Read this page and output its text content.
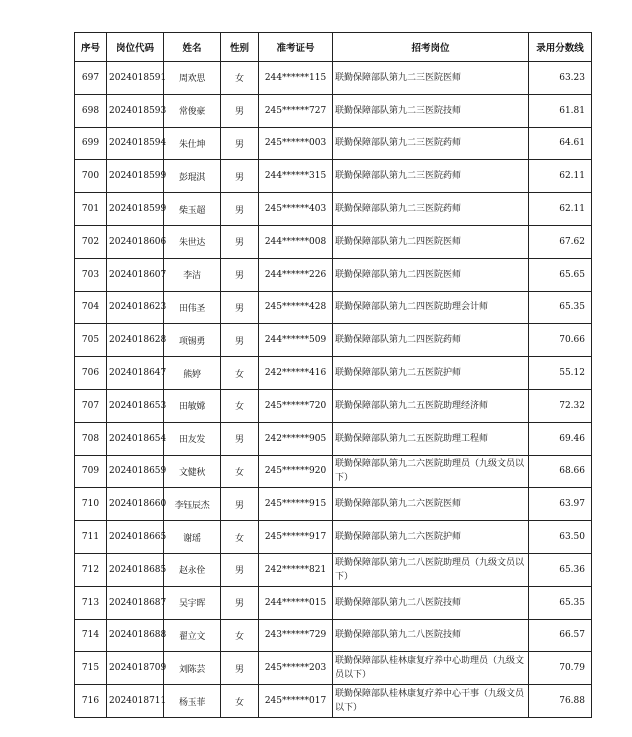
序号	岗位代码	姓名	性别	准考证号	招考岗位	录用分数线
697	2024018591	周欢思	女	244******115	联勤保障部队第九二三医院医师	63.23
698	2024018593	常俊豪	男	245******727	联勤保障部队第九二三医院技师	61.81
699	2024018594	朱仕坤	男	245******003	联勤保障部队第九二三医院药师	64.61
700	2024018599	彭琨淇	男	244******315	联勤保障部队第九二三医院药师	62.11
701	2024018599	柴玉超	男	245******403	联勤保障部队第九二三医院药师	62.11
702	2024018606	朱世达	男	244******008	联勤保障部队第九二四医院医师	67.62
703	2024018607	李洁	男	244******226	联勤保障部队第九二四医院医师	65.65
704	2024018623	田伟圣	男	245******428	联勤保障部队第九二四医院助理会计师	65.35
705	2024018628	项锡勇	男	244******509	联勤保障部队第九二四医院药师	70.66
706	2024018647	熊婷	女	242******416	联勤保障部队第九二五医院护师	55.12
707	2024018653	田敏嫦	女	245******720	联勤保障部队第九二五医院助理经济师	72.32
708	2024018654	田友发	男	242******905	联勤保障部队第九二五医院助理工程师	69.46
709	2024018659	文健秋	女	245******920	联勤保障部队第九二六医院助理员（九级文员以下）	68.66
710	2024018660	李钰辰杰	男	245******915	联勤保障部队第九二六医院医师	63.97
711	2024018665	谢瑶	女	245******917	联勤保障部队第九二六医院护师	63.50
712	2024018685	赵永佺	男	242******821	联勤保障部队第九二八医院助理员（九级文员以下）	65.36
713	2024018687	吴宇晖	男	244******015	联勤保障部队第九二八医院技师	65.35
714	2024018688	翟立文	女	243******729	联勤保障部队第九二八医院技师	66.57
715	2024018709	刘陈芸	男	245******203	联勤保障部队桂林康复疗养中心助理员（九级文员以下）	70.79
716	2024018711	杨玉菲	女	245******017	联勤保障部队桂林康复疗养中心干事（九级文员以下）	76.88
